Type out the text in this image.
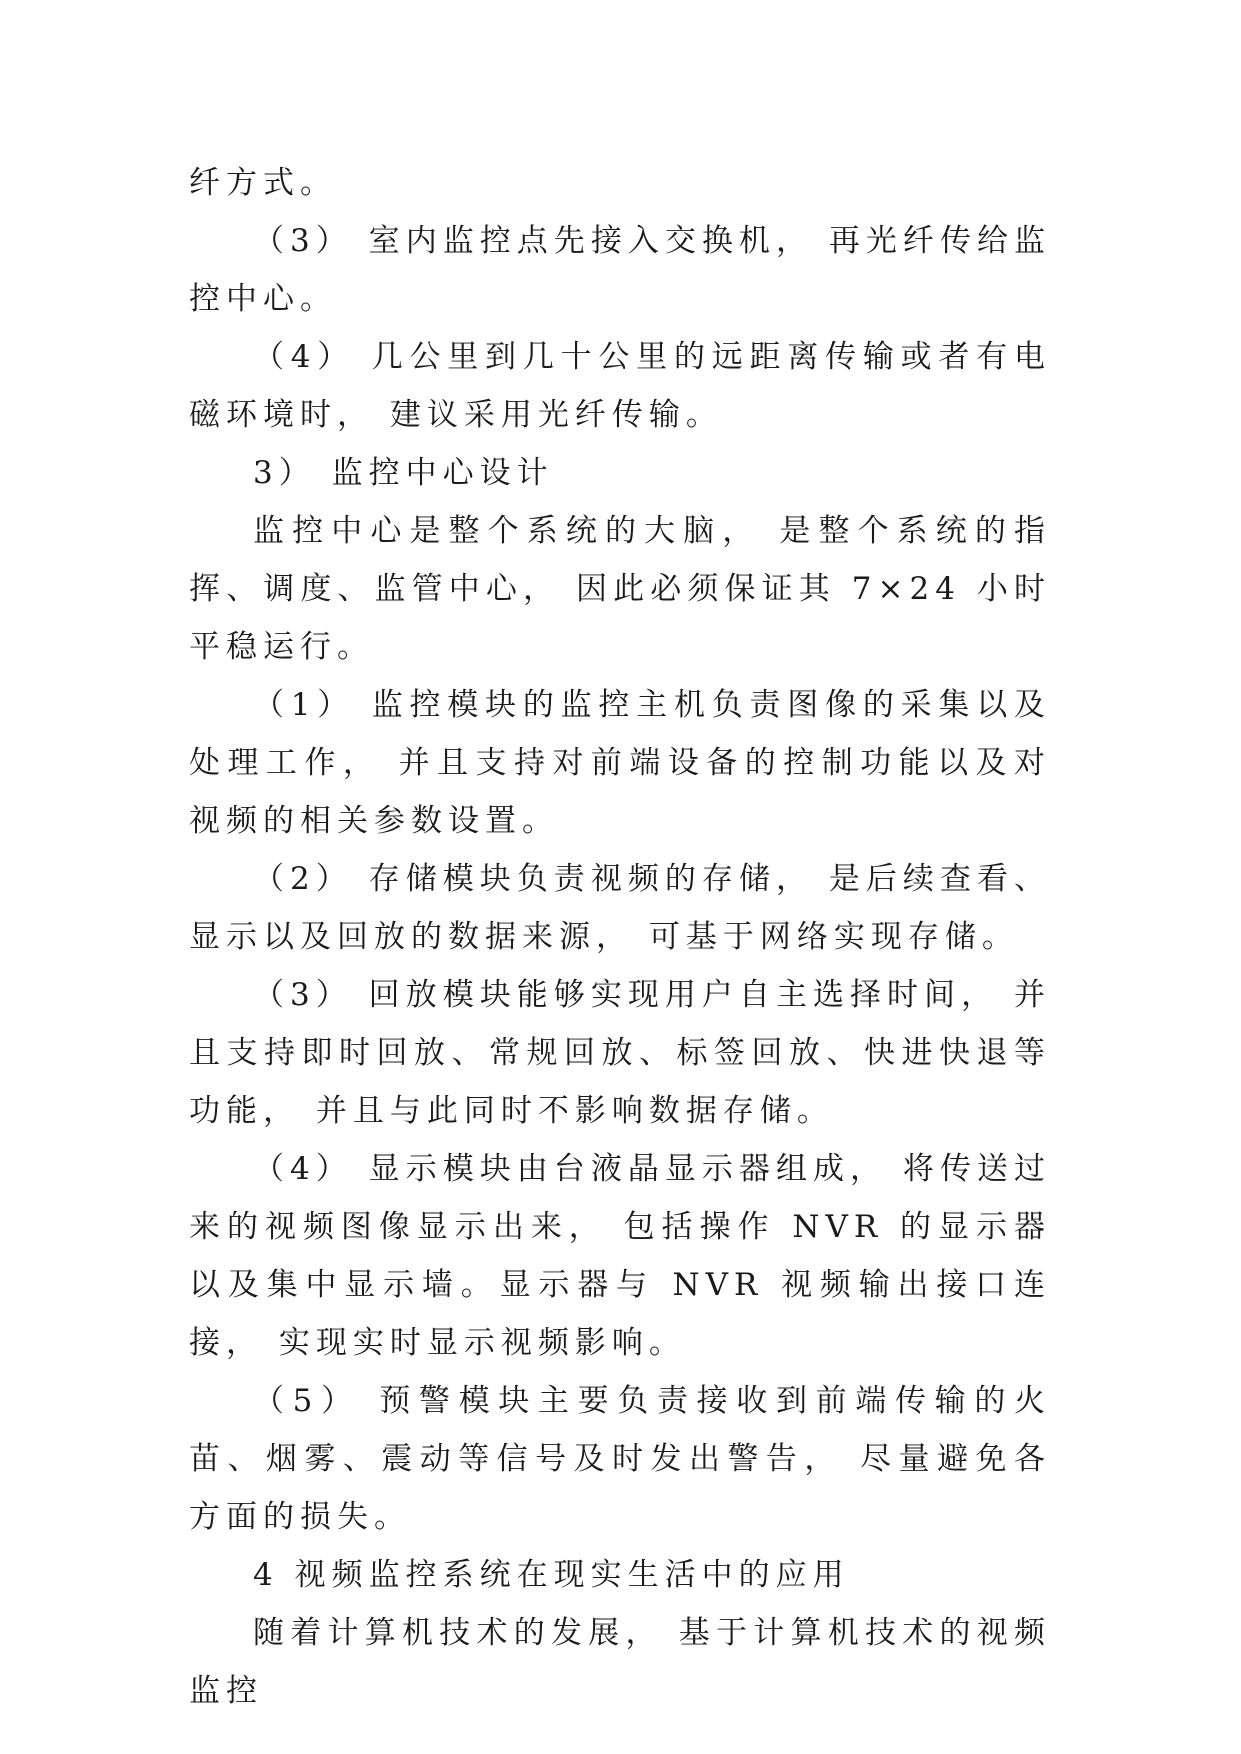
纤方式。

（3） 室内监控点先接入交换机， 再光纤传给监控中心。

（4） 几公里到几十公里的远距离传输或者有电磁环境时， 建议采用光纤传输。

3） 监控中心设计

监控中心是整个系统的大脑， 是整个系统的指挥、调度、监管中心， 因此必须保证其 7×24 小时平稳运行。

（1） 监控模块的监控主机负责图像的采集以及处理工作， 并且支持对前端设备的控制功能以及对视频的相关参数设置。

（2） 存储模块负责视频的存储， 是后续查看、显示以及回放的数据来源， 可基于网络实现存储。

（3） 回放模块能够实现用户自主选择时间， 并且支持即时回放、常规回放、标签回放、快进快退等功能， 并且与此同时不影响数据存储。

（4） 显示模块由台液晶显示器组成， 将传送过来的视频图像显示出来， 包括操作 NVR 的显示器以及集中显示墙。显示器与 NVR 视频输出接口连接， 实现实时显示视频影响。

（5） 预警模块主要负责接收到前端传输的火苗、烟雾、震动等信号及时发出警告， 尽量避免各方面的损失。

4 视频监控系统在现实生活中的应用

随着计算机技术的发展， 基于计算机技术的视频监控
